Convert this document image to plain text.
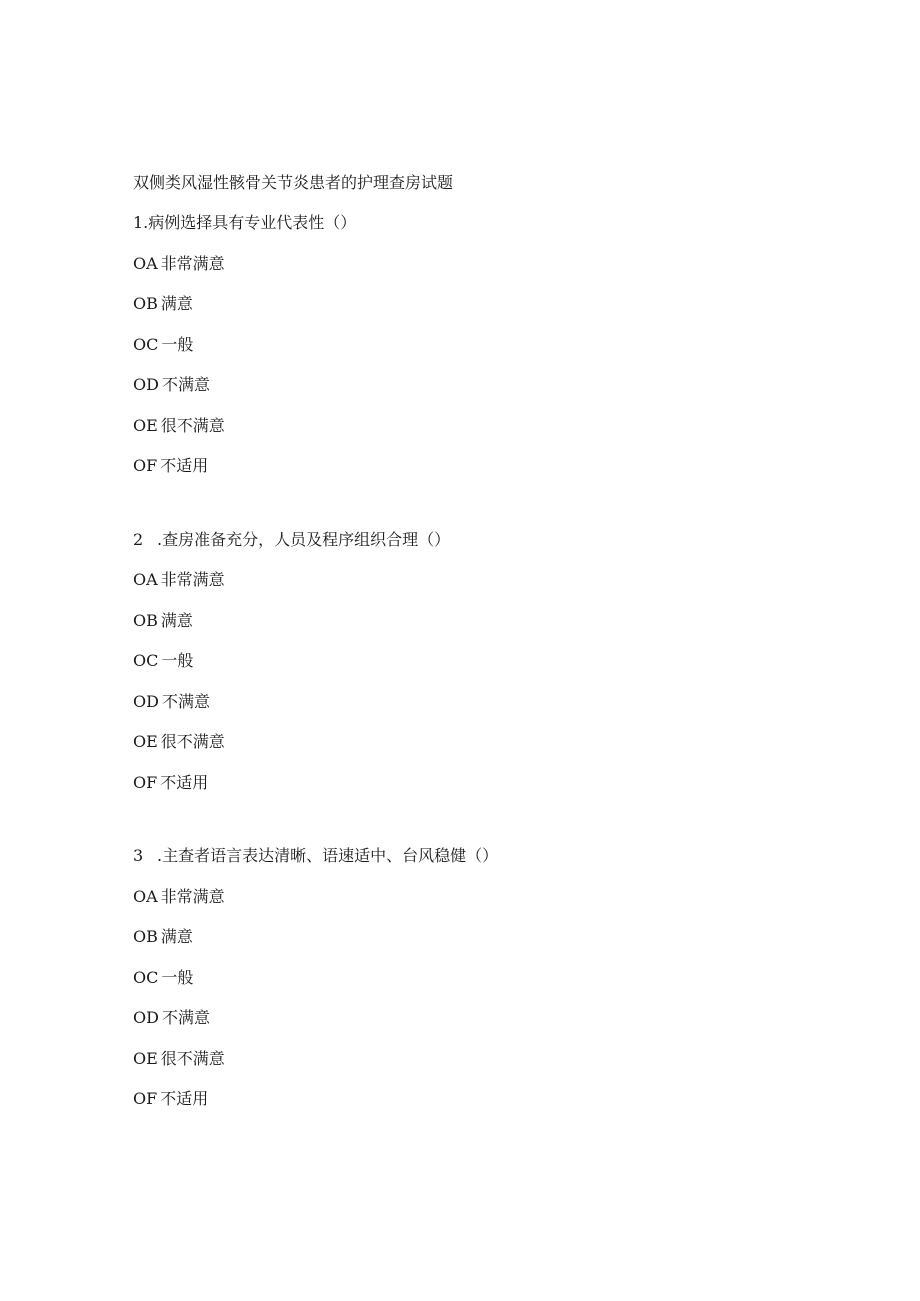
双侧类风湿性骸骨关节炎患者的护理查房试题
1.病例选择具有专业代表性（）
OA 非常满意
OB 满意
OC 一般
OD 不满意
OE 很不满意
OF 不适用
2 .查房准备充分，人员及程序组织合理（）
OA 非常满意
OB 满意
OC 一般
OD 不满意
OE 很不满意
OF 不适用
3 .主查者语言表达清晰、语速适中、台风稳健（）
OA 非常满意
OB 满意
OC 一般
OD 不满意
OE 很不满意
OF 不适用
